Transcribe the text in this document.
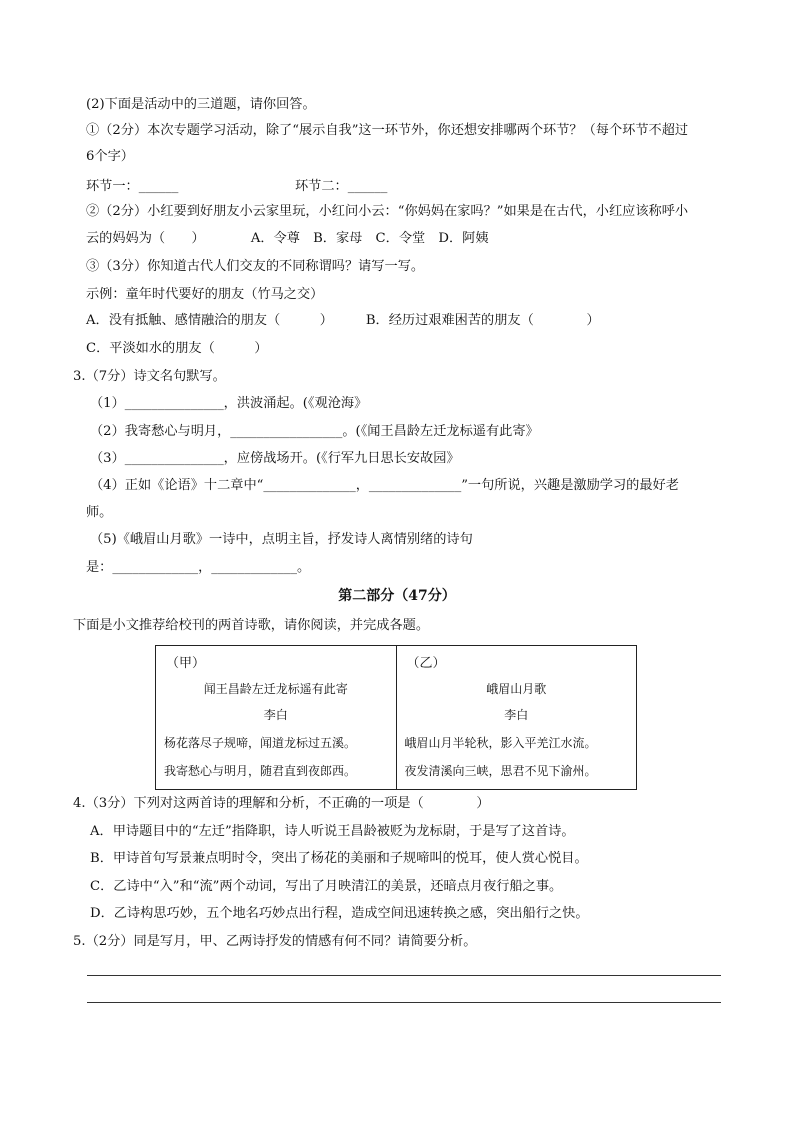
(2)下面是活动中的三道题，请你回答。
①（2分）本次专题学习活动，除了“展示自我”这一环节外，你还想安排哪两个环节？（每个环节不超过
6个字）
环节一：______	环节二：______
②（2分）小红要到好朋友小云家里玩，小红问小云：“你妈妈在家吗？”如果是在古代，小红应该称呼小
云的妈妈为（　　）　　　　A．令尊　B．家母　C．令堂　D．阿姨
③（3分）你知道古代人们交友的不同称谓吗？请写一写。
示例：童年时代要好的朋友（竹马之交）
A．没有抵触、感情融洽的朋友（　　　）　　　B．经历过艰难困苦的朋友（　　　　）
C．平淡如水的朋友（　　　）
3.（7分）诗文名句默写。
（1）_______________，洪波涌起。(《观沧海》
（2）我寄愁心与明月，_________________。(《闻王昌龄左迁龙标遥有此寄》
（3）_______________，应傍战场开。(《行军九日思长安故园》
（4）正如《论语》十二章中“______________，______________”一句所说，兴趣是激励学习的最好老
师。
（5)《峨眉山月歌》一诗中，点明主旨，抒发诗人离情别绪的诗句
是：_____________，_____________。
第二部分（47分）
下面是小文推荐给校刊的两首诗歌，请你阅读，并完成各题。
（甲）
闻王昌龄左迁龙标遥有此寄
李白
杨花落尽子规啼，闻道龙标过五溪。
我寄愁心与明月，随君直到夜郎西。
（乙）
峨眉山月歌
李白
峨眉山月半轮秋，影入平羌江水流。
夜发清溪向三峡，思君不见下渝州。
4.（3分）下列对这两首诗的理解和分析，不正确的一项是（　　　　）
A．甲诗题目中的“左迁”指降职，诗人听说王昌龄被贬为龙标尉，于是写了这首诗。
B．甲诗首句写景兼点明时令，突出了杨花的美丽和子规啼叫的悦耳，使人赏心悦目。
C．乙诗中“入”和“流”两个动词，写出了月映清江的美景，还暗点月夜行船之事。
D．乙诗构思巧妙，五个地名巧妙点出行程，造成空间迅速转换之感，突出船行之快。
5.（2分）同是写月，甲、乙两诗抒发的情感有何不同？请简要分析。
